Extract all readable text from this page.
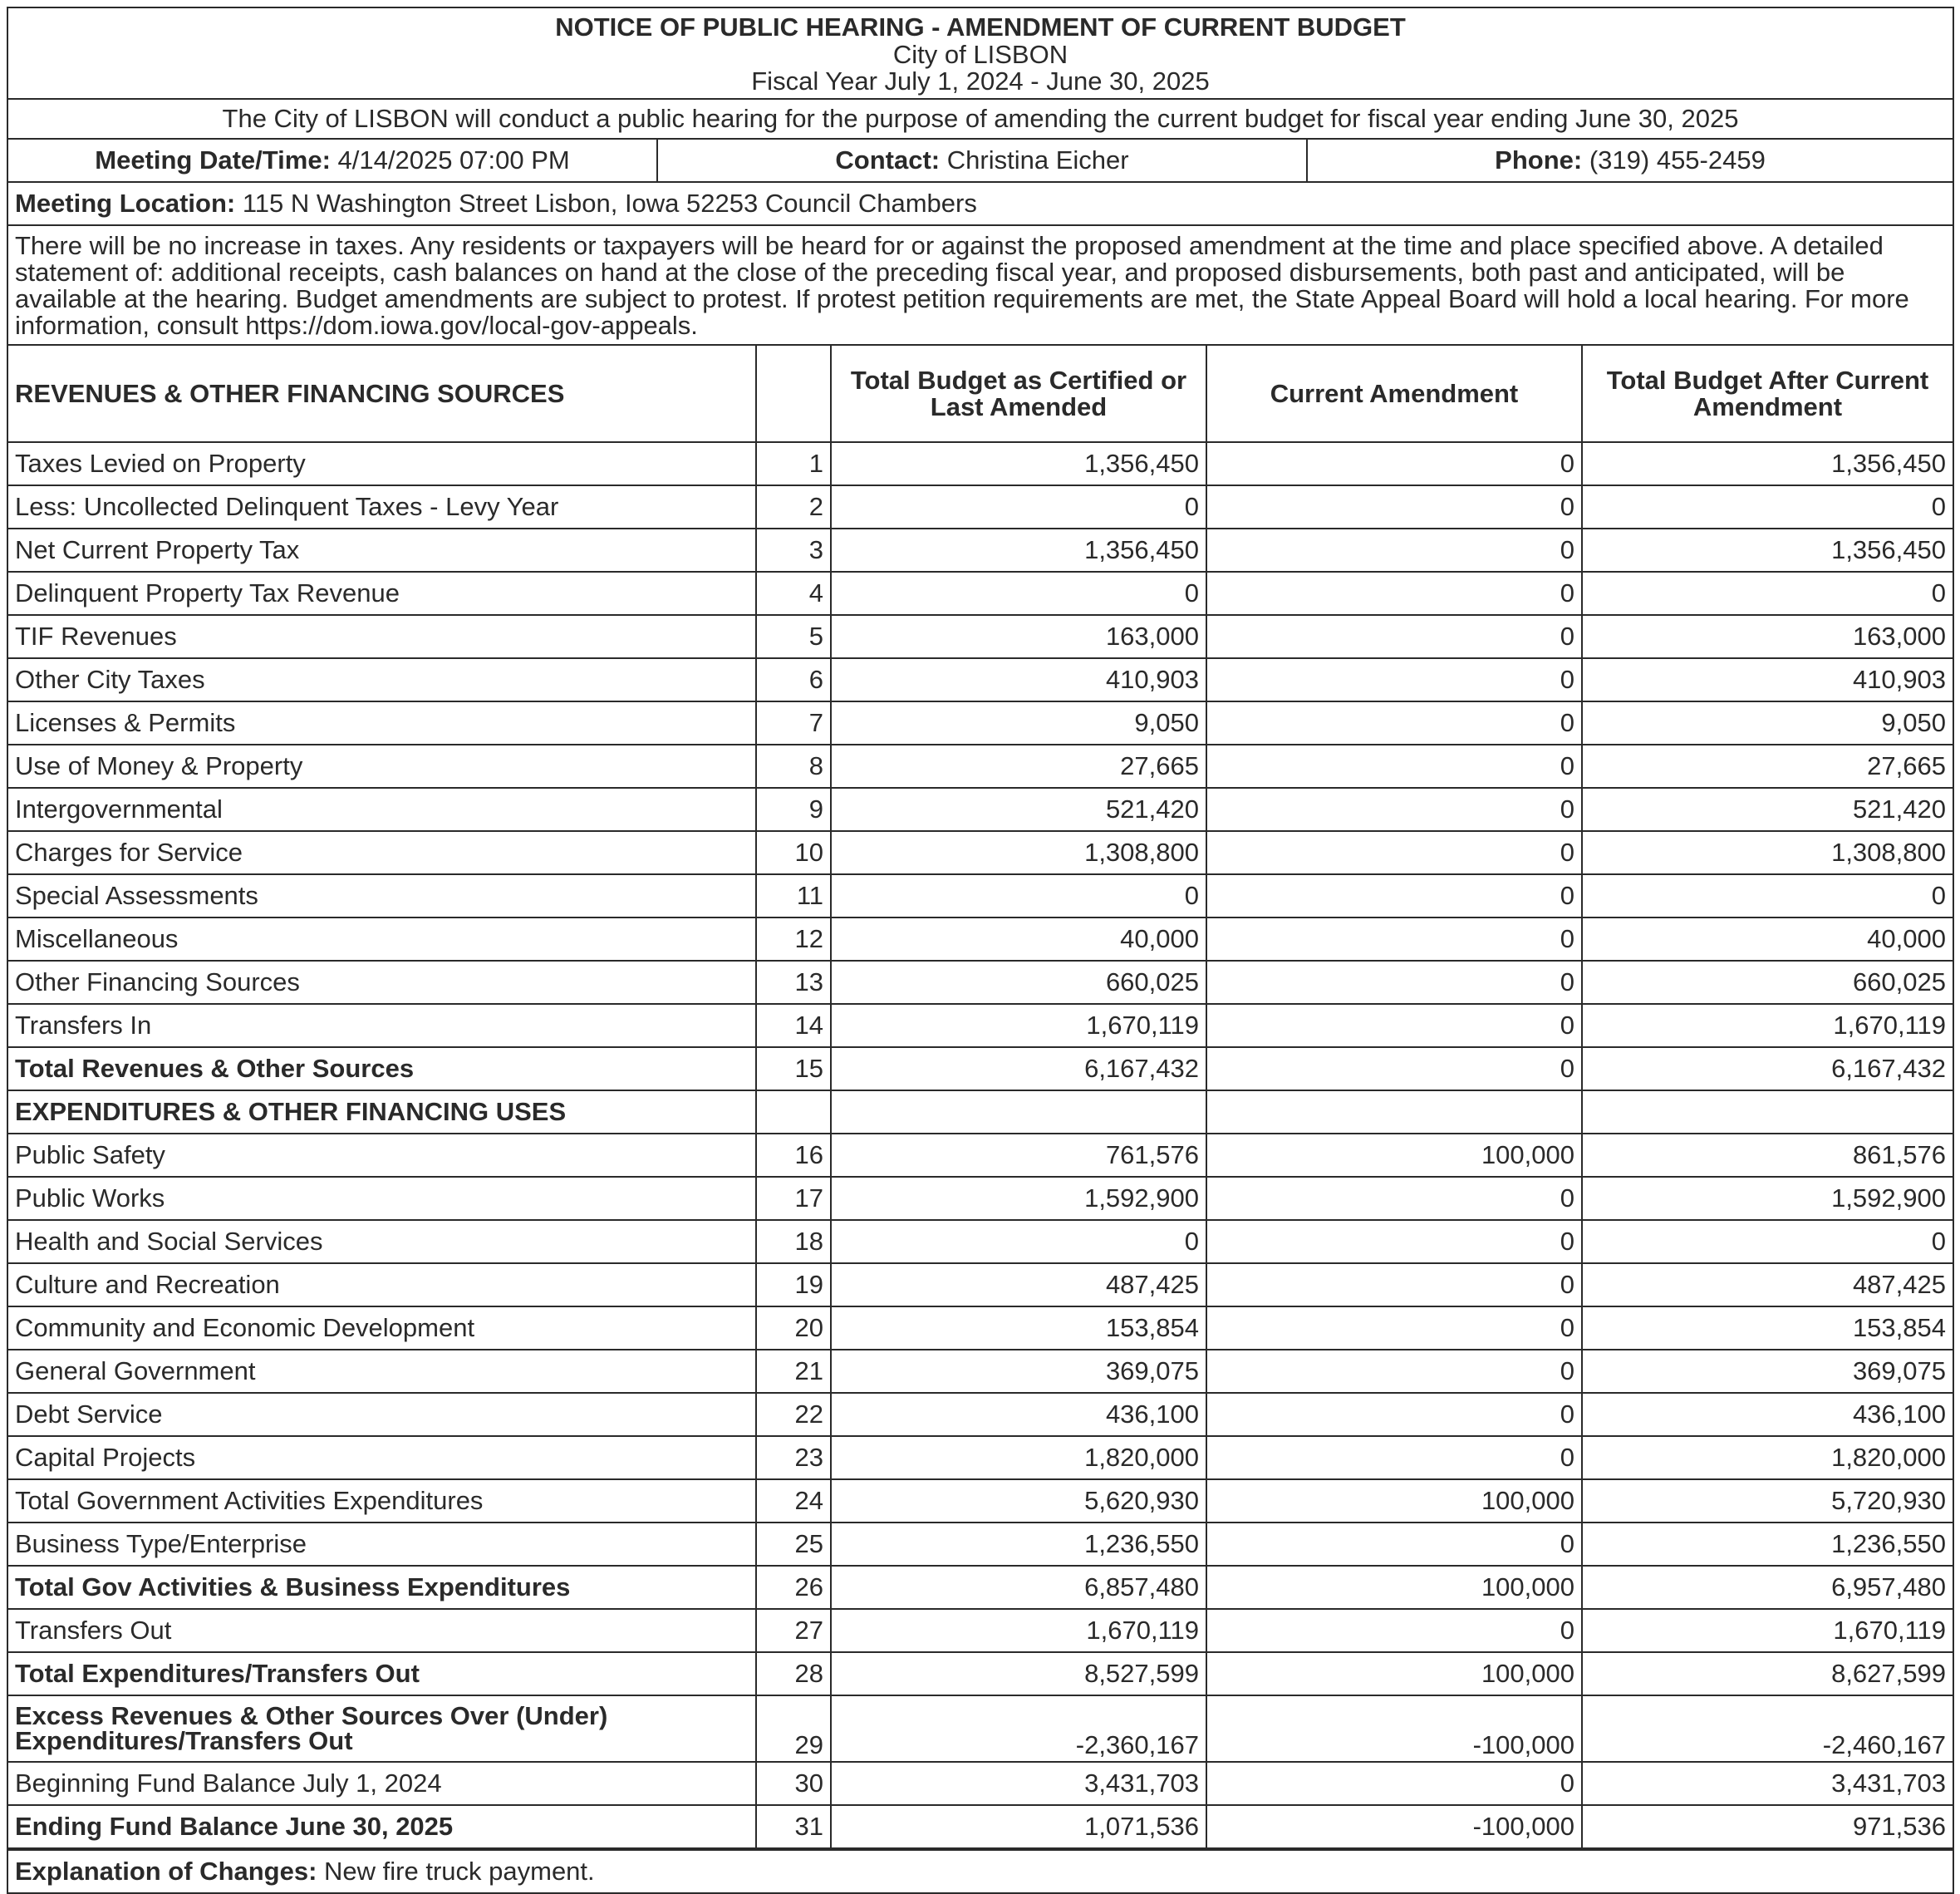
NOTICE OF PUBLIC HEARING - AMENDMENT OF CURRENT BUDGET
City of LISBON
Fiscal Year July 1, 2024 - June 30, 2025
The City of LISBON will conduct a public hearing for the purpose of amending the current budget for fiscal year ending June 30, 2025
Meeting Date/Time: 4/14/2025 07:00 PM	Contact: Christina Eicher	Phone: (319) 455-2459
Meeting Location: 115 N Washington Street Lisbon, Iowa 52253 Council Chambers
There will be no increase in taxes. Any residents or taxpayers will be heard for or against the proposed amendment at the time and place specified above. A detailed statement of: additional receipts, cash balances on hand at the close of the preceding fiscal year, and proposed disbursements, both past and anticipated, will be available at the hearing. Budget amendments are subject to protest. If protest petition requirements are met, the State Appeal Board will hold a local hearing. For more information, consult https://dom.iowa.gov/local-gov-appeals.
REVENUES & OTHER FINANCING SOURCES		Total Budget as Certified or Last Amended	Current Amendment	Total Budget After Current Amendment
Taxes Levied on Property	1	1,356,450	0	1,356,450
Less: Uncollected Delinquent Taxes - Levy Year	2	0	0	0
Net Current Property Tax	3	1,356,450	0	1,356,450
Delinquent Property Tax Revenue	4	0	0	0
TIF Revenues	5	163,000	0	163,000
Other City Taxes	6	410,903	0	410,903
Licenses & Permits	7	9,050	0	9,050
Use of Money & Property	8	27,665	0	27,665
Intergovernmental	9	521,420	0	521,420
Charges for Service	10	1,308,800	0	1,308,800
Special Assessments	11	0	0	0
Miscellaneous	12	40,000	0	40,000
Other Financing Sources	13	660,025	0	660,025
Transfers In	14	1,670,119	0	1,670,119
Total Revenues & Other Sources	15	6,167,432	0	6,167,432
EXPENDITURES & OTHER FINANCING USES				
Public Safety	16	761,576	100,000	861,576
Public Works	17	1,592,900	0	1,592,900
Health and Social Services	18	0	0	0
Culture and Recreation	19	487,425	0	487,425
Community and Economic Development	20	153,854	0	153,854
General Government	21	369,075	0	369,075
Debt Service	22	436,100	0	436,100
Capital Projects	23	1,820,000	0	1,820,000
Total Government Activities Expenditures	24	5,620,930	100,000	5,720,930
Business Type/Enterprise	25	1,236,550	0	1,236,550
Total Gov Activities & Business Expenditures	26	6,857,480	100,000	6,957,480
Transfers Out	27	1,670,119	0	1,670,119
Total Expenditures/Transfers Out	28	8,527,599	100,000	8,627,599
Excess Revenues & Other Sources Over (Under) Expenditures/Transfers Out	29	-2,360,167	-100,000	-2,460,167
Beginning Fund Balance July 1, 2024	30	3,431,703	0	3,431,703
Ending Fund Balance June 30, 2025	31	1,071,536	-100,000	971,536
Explanation of Changes: New fire truck payment.
